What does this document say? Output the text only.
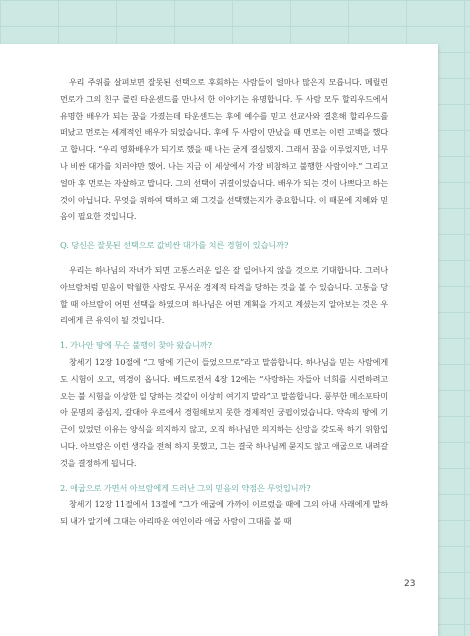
우리 주위를 살펴보면 잘못된 선택으로 후회하는 사람들이 얼마나 많은지 모릅니다. 메릴린 먼로가 그의 친구 콜린 타운센드를 만나서 한 이야기는 유명합니다. 두 사람 모두 할리우드에서 유명한 배우가 되는 꿈을 가졌는데 타운센드는 후에 예수를 믿고 선교사와 결혼해 할리우드를 떠났고 먼로는 세계적인 배우가 되었습니다. 후에 두 사람이 만났을 때 먼로는 이런 고백을 했다고 합니다. “우리 영화배우가 되기로 했을 때 나는 굳게 결심했지. 그래서 꿈을 이루었지만, 너무나 비싼 대가를 치러야만 했어. 나는 지금 이 세상에서 가장 비참하고 불행한 사람이야.” 그리고 얼마 후 먼로는 자살하고 맙니다. 그의 선택이 귀결이었습니다. 배우가 되는 것이 나쁘다고 하는 것이 아닙니다. 무엇을 위하여 택하고 왜 그것을 선택했는지가 중요합니다. 이 때문에 지혜와 믿음이 필요한 것입니다.

Q. 당신은 잘못된 선택으로 값비싼 대가를 치른 경험이 있습니까?

우리는 하나님의 자녀가 되면 고통스러운 일은 잘 일어나지 않을 것으로 기대합니다. 그러나 아브람처럼 믿음이 탁월한 사람도 무서운 경제적 타격을 당하는 것을 볼 수 있습니다. 고통을 당할 때 아브람이 어떤 선택을 하였으며 하나님은 어떤 계획을 가지고 계셨는지 알아보는 것은 우리에게 큰 유익이 될 것입니다.

1. 가나안 땅에 무슨 불행이 찾아 왔습니까?

창세기 12장 10절에 “그 땅에 기근이 들었으므로”라고 말씀합니다. 하나님을 믿는 사람에게도 시험이 오고, 역경이 옵니다. 베드로전서 4장 12에는 “사랑하는 자들아 너희를 시련하려고 오는 불 시험을 이상한 일 당하는 것같이 이상히 여기지 말라”고 말씀합니다. 풍부한 메소포타미아 문명의 중심지, 갈대아 우르에서 경험해보지 못한 경제적인 궁핍이었습니다. 약속의 땅에 기근이 있었던 이유는 양식을 의지하지 않고, 오직 하나님만 의지하는 신앙을 갖도록 하기 위함입니다. 아브람은 이런 생각을 전혀 하지 못했고, 그는 결국 하나님께 묻지도 않고 애굽으로 내려갈 것을 결정하게 됩니다.

2. 애굽으로 가면서 아브람에게 드러난 그의 믿음의 약점은 무엇입니까?

창세기 12장 11절에서 13절에 “그가 애굽에 가까이 이르렀을 때에 그의 아내 사래에게 말하되 내가 알기에 그대는 아리따운 여인이라 애굽 사람이 그대를 볼 때

23
